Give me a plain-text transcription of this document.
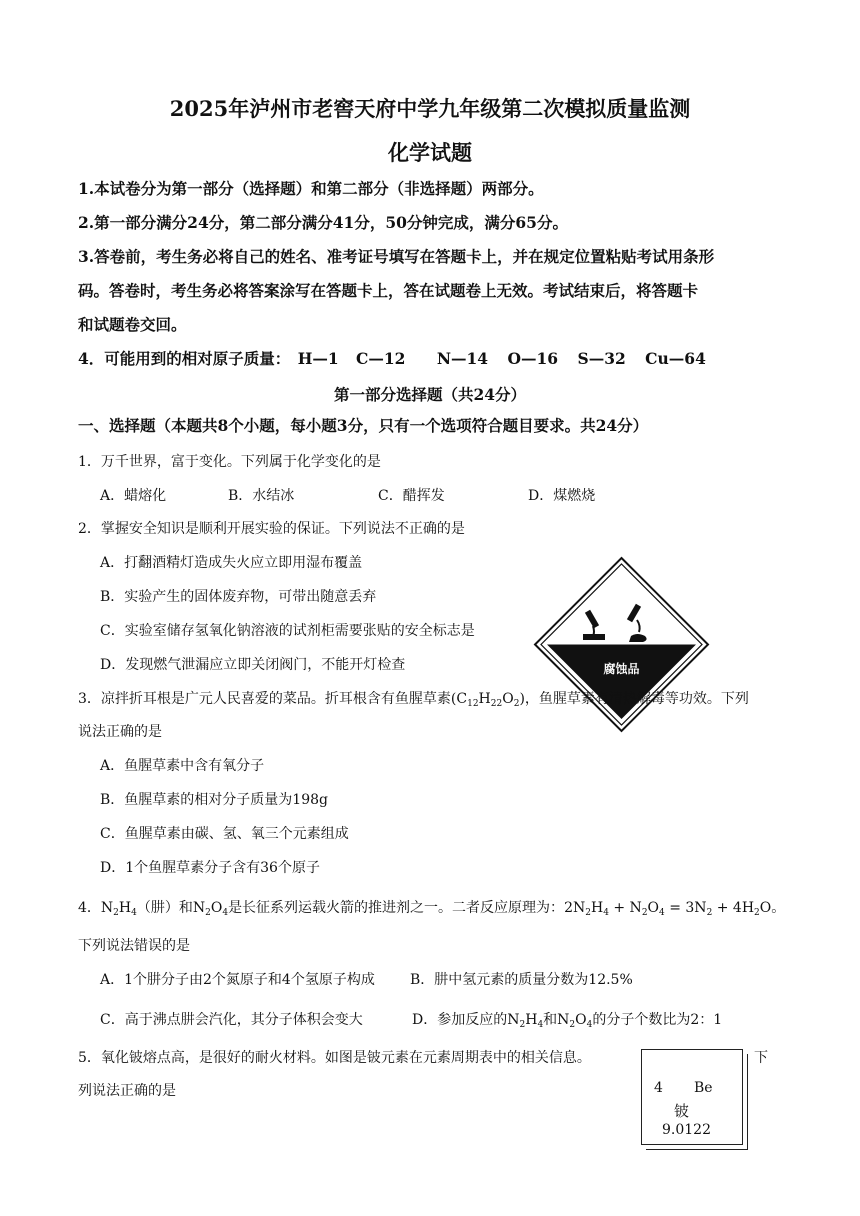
2025年泸州市老窖天府中学九年级第二次模拟质量监测
化学试题
1.本试卷分为第一部分（选择题）和第二部分（非选择题）两部分。
2.第一部分满分24分，第二部分满分41分，50分钟完成，满分65分。
3.答卷前，考生务必将自己的姓名、准考证号填写在答题卡上，并在规定位置粘贴考试用条形
码。答卷时，考生务必将答案涂写在答题卡上，答在试题卷上无效。考试结束后，将答题卡
和试题卷交回。
4．可能用到的相对原子质量： H—1 C—12 N—14 O—16 S—32 Cu—64
第一部分选择题（共24分）
一、选择题（本题共8个小题，每小题3分，只有一个选项符合题目要求。共24分）
1．万千世界，富于变化。下列属于化学变化的是
A．蜡熔化	B．水结冰	C．醋挥发	D．煤燃烧
2．掌握安全知识是顺利开展实验的保证。下列说法不正确的是
A．打翻酒精灯造成失火应立即用湿布覆盖
B．实验产生的固体废弃物，可带出随意丢弃
C．实验室储存氢氧化钠溶液的试剂柜需要张贴的安全标志是
D．发现燃气泄漏应立即关闭阀门，不能开灯检查	腐蚀品
3．凉拌折耳根是广元人民喜爱的菜品。折耳根含有鱼腥草素$(C_{12}H_{22}O_2)$，鱼腥草素有清热解毒等功效。下列
说法正确的是
A．鱼腥草素中含有氧分子
B．鱼腥草素的相对分子质量为198g
C．鱼腥草素由碳、氢、氧三个元素组成
D．1个鱼腥草素分子含有36个原子
4．$N_2H_4$（肼）和$N_2O_4$是长征系列运载火箭的推进剂之一。二者反应原理为：$2N_2H_4 + N_2O_4 = 3N_2 + 4H_2O$。
下列说法错误的是
A．1个肼分子由2个氮原子和4个氢原子构成	B．肼中氢元素的质量分数为12.5%
C．高于沸点肼会汽化，其分子体积会变大	D．参加反应的$N_2H_4$和$N_2O_4$的分子个数比为2：1
5．氧化铍熔点高，是很好的耐火材料。如图是铍元素在元素周期表中的相关信息。	下
列说法正确的是	4 Be
铍
9.0122
